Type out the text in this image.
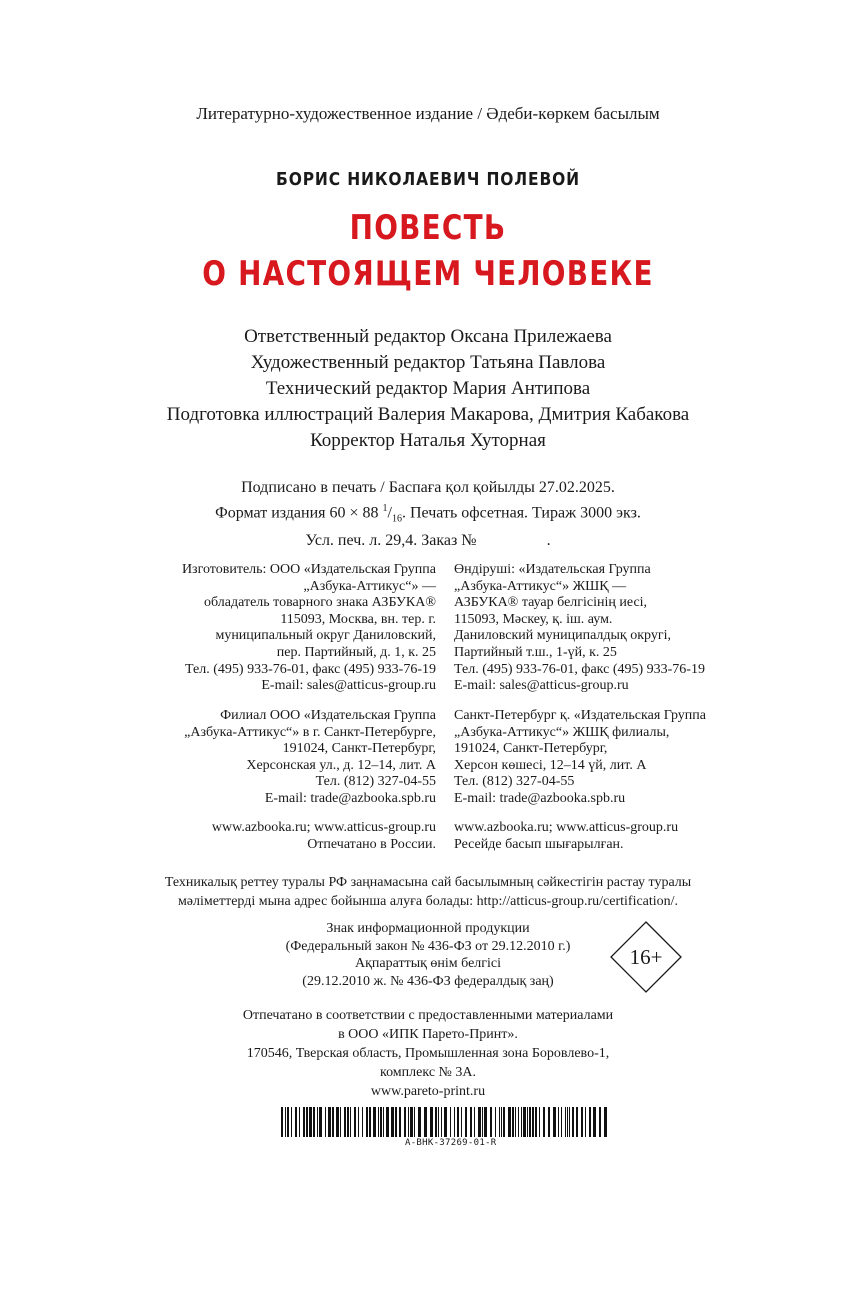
Литературно-художественное издание / Әдеби-көркем басылым
БОРИС НИКОЛАЕВИЧ ПОЛЕВОЙ
ПОВЕСТЬ
О НАСТОЯЩЕМ ЧЕЛОВЕКЕ
Ответственный редактор Оксана Прилежаева
Художественный редактор Татьяна Павлова
Технический редактор Мария Антипова
Подготовка иллюстраций Валерия Макарова, Дмитрия Кабакова
Корректор Наталья Хуторная
Подписано в печать / Баспаға қол қойылды 27.02.2025.
Формат издания 60 × 88 $^1/_{16}$. Печать офсетная. Тираж 3000 экз.
Усл. печ. л. 29,4. Заказ №	.
Изготовитель: ООО «Издательская Группа
„Азбука-Аттикус“» —
обладатель товарного знака АЗБУКА®
115093, Москва, вн. тер. г.
муниципальный округ Даниловский,
пер. Партийный, д. 1, к. 25
Тел. (495) 933-76-01, факс (495) 933-76-19
E-mail: sales@atticus-group.ru
Өндіруші: «Издательская Группа
„Азбука-Аттикус“» ЖШҚ —
АЗБУКА® тауар белгісінің иесі,
115093, Мәскеу, қ. іш. аум.
Даниловский муниципалдық округі,
Партийный т.ш., 1-үй, к. 25
Тел. (495) 933-76-01, факс (495) 933-76-19
E-mail: sales@atticus-group.ru
Филиал ООО «Издательская Группа
„Азбука-Аттикус“» в г. Санкт-Петербурге,
191024, Санкт-Петербург,
Херсонская ул., д. 12–14, лит. А
Тел. (812) 327-04-55
E-mail: trade@azbooka.spb.ru
Санкт-Петербург қ. «Издательская Группа
„Азбука-Аттикус“» ЖШҚ филиалы,
191024, Санкт-Петербург,
Херсон көшесі, 12–14 үй, лит. А
Тел. (812) 327-04-55
E-mail: trade@azbooka.spb.ru
www.azbooka.ru; www.atticus-group.ru
Отпечатано в России.
www.azbooka.ru; www.atticus-group.ru
Ресейде басып шығарылған.
Техникалық реттеу туралы РФ заңнамасына сай басылымның сәйкестігін растау туралы
мәліметтерді мына адрес бойынша алуға болады: http://atticus-group.ru/certification/.
Знак информационной продукции
(Федеральный закон № 436-ФЗ от 29.12.2010 г.)
Ақпараттық өнім белгісі
(29.12.2010 ж. № 436-ФЗ федералдық заң)
16+
Отпечатано в соответствии с предоставленными материалами
в ООО «ИПК Парето-Принт».
170546, Тверская область, Промышленная зона Боровлево-1,
комплекс № 3А.
www.pareto-print.ru
A-BHK-37269-01-R
